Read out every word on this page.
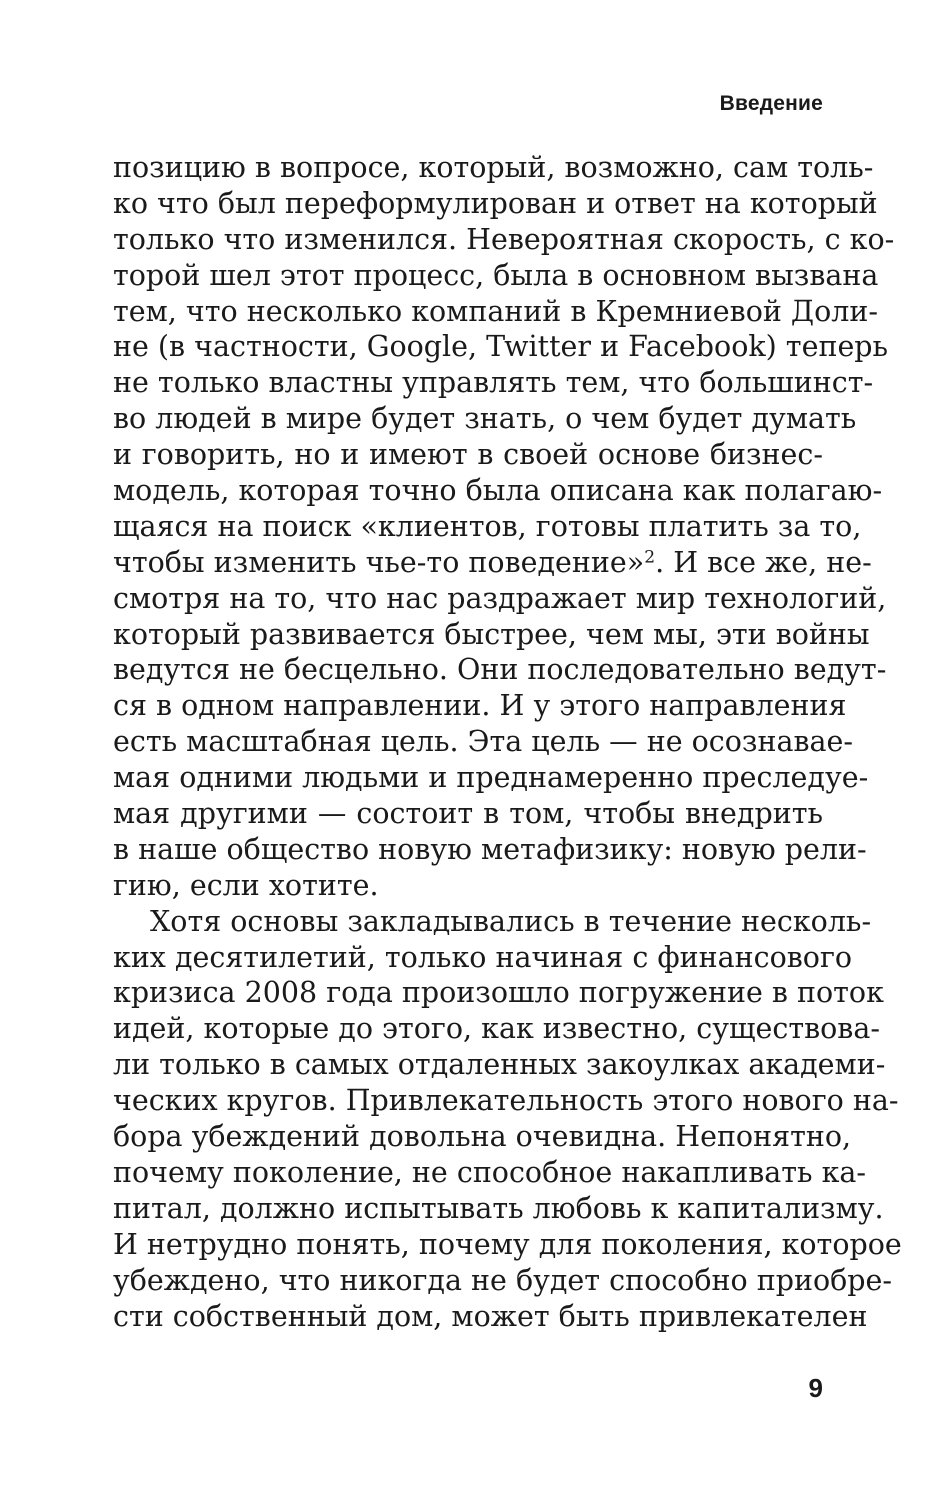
Введение
позицию в вопросе, который, возможно, сам толь-
ко что был переформулирован и ответ на который
только что изменился. Невероятная скорость, с ко-
торой шел этот процесс, была в основном вызвана
тем, что несколько компаний в Кремниевой Доли-
не (в частности, Google, Twitter и Facebook) теперь
не только властны управлять тем, что большинст-
во людей в мире будет знать, о чем будет думать
и говорить, но и имеют в своей основе бизнес-
модель, которая точно была описана как полагаю-
щаяся на поиск «клиентов, готовы платить за то,
чтобы изменить чье-то поведение»$^2$. И все же, не-
смотря на то, что нас раздражает мир технологий,
который развивается быстрее, чем мы, эти войны
ведутся не бесцельно. Они последовательно ведут-
ся в одном направлении. И у этого направления
есть масштабная цель. Эта цель — не осознавае-
мая одними людьми и преднамеренно преследуе-
мая другими — состоит в том, чтобы внедрить
в наше общество новую метафизику: новую рели-
гию, если хотите.
Хотя основы закладывались в течение несколь-
ких десятилетий, только начиная с финансового
кризиса 2008 года произошло погружение в поток
идей, которые до этого, как известно, существова-
ли только в самых отдаленных закоулках академи-
ческих кругов. Привлекательность этого нового на-
бора убеждений довольна очевидна. Непонятно,
почему поколение, не способное накапливать ка-
питал, должно испытывать любовь к капитализму.
И нетрудно понять, почему для поколения, которое
убеждено, что никогда не будет способно приобре-
сти собственный дом, может быть привлекателен
9
